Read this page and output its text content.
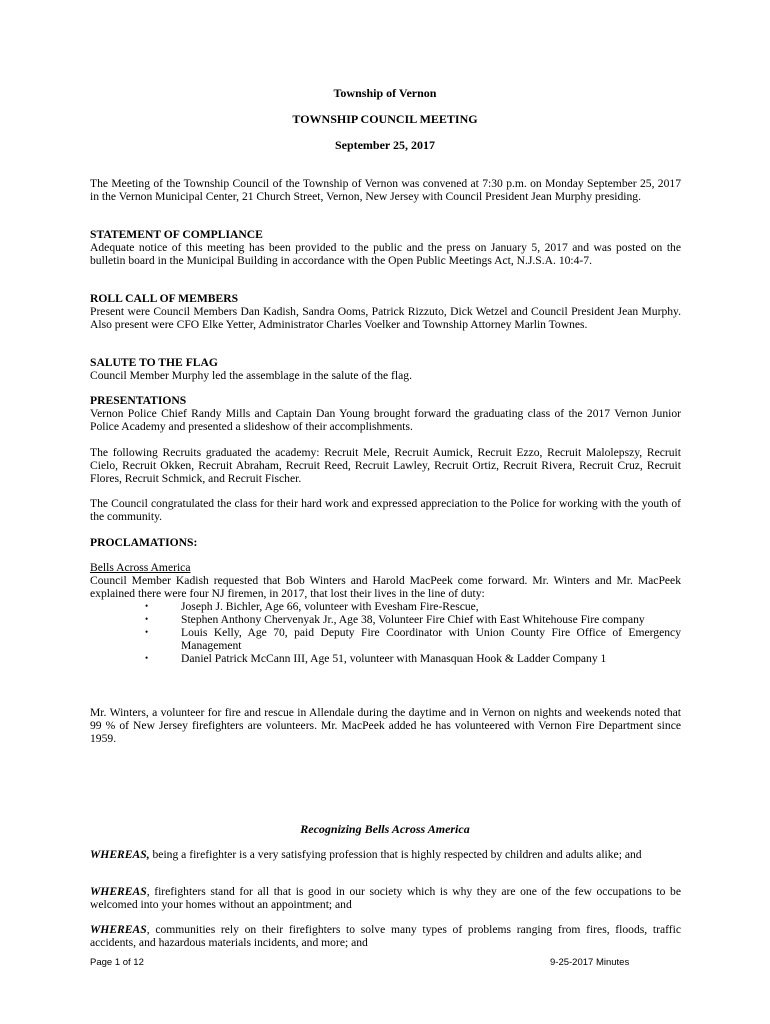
Township of Vernon
TOWNSHIP COUNCIL MEETING
September 25, 2017
The Meeting of the Township Council of the Township of Vernon was convened at 7:30 p.m. on Monday September 25, 2017 in the Vernon Municipal Center, 21 Church Street, Vernon, New Jersey with Council President Jean Murphy presiding.
STATEMENT OF COMPLIANCE
Adequate notice of this meeting has been provided to the public and the press on January 5, 2017 and was posted on the bulletin board in the Municipal Building in accordance with the Open Public Meetings Act, N.J.S.A. 10:4-7.
ROLL CALL OF MEMBERS
Present were Council Members Dan Kadish, Sandra Ooms, Patrick Rizzuto, Dick Wetzel and Council President Jean Murphy. Also present were CFO Elke Yetter, Administrator Charles Voelker and Township Attorney Marlin Townes.
SALUTE TO THE FLAG
Council Member Murphy led the assemblage in the salute of the flag.
PRESENTATIONS
Vernon Police Chief Randy Mills and Captain Dan Young brought forward the graduating class of the 2017 Vernon Junior Police Academy and presented a slideshow of their accomplishments.
The following Recruits graduated the academy: Recruit Mele, Recruit Aumick, Recruit Ezzo, Recruit Malolepszy, Recruit Cielo, Recruit Okken, Recruit Abraham, Recruit Reed, Recruit Lawley, Recruit Ortiz, Recruit Rivera, Recruit Cruz, Recruit Flores, Recruit Schmick, and Recruit Fischer.
The Council congratulated the class for their hard work and expressed appreciation to the Police for working with the youth of the community.
PROCLAMATIONS:
Bells Across America
Council Member Kadish requested that Bob Winters and Harold MacPeek come forward. Mr. Winters and Mr. MacPeek explained there were four NJ firemen, in 2017, that lost their lives in the line of duty:
•	Joseph J. Bichler, Age 66, volunteer with Evesham Fire-Rescue,
•	Stephen Anthony Chervenyak Jr., Age 38, Volunteer Fire Chief with East Whitehouse Fire company
•	Louis Kelly, Age 70, paid Deputy Fire Coordinator with Union County Fire Office of Emergency Management
•	Daniel Patrick McCann III, Age 51, volunteer with Manasquan Hook & Ladder Company 1
Mr. Winters, a volunteer for fire and rescue in Allendale during the daytime and in Vernon on nights and weekends noted that 99 % of New Jersey firefighters are volunteers. Mr. MacPeek added he has volunteered with Vernon Fire Department since 1959.
Recognizing Bells Across America
WHEREAS, being a firefighter is a very satisfying profession that is highly respected by children and adults alike; and
WHEREAS, firefighters stand for all that is good in our society which is why they are one of the few occupations to be welcomed into your homes without an appointment; and
WHEREAS, communities rely on their firefighters to solve many types of problems ranging from fires, floods, traffic accidents, and hazardous materials incidents, and more; and
Page 1 of 12	9-25-2017 Minutes
